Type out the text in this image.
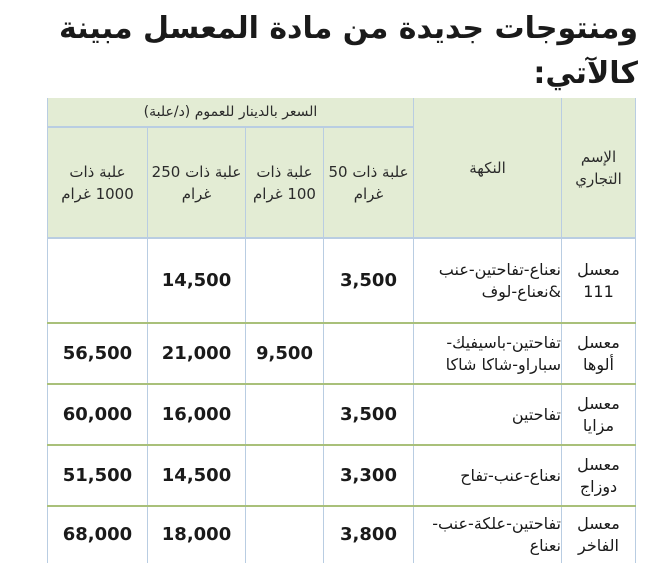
ومنتوجات جديدة من مادة المعسل مبينة كالآتي:
الإسم التجاري	النكهة	السعر بالدينار للعموم (د/علبة)			
		علبة ذات 50 غرام	علبة ذات 100 غرام	علبة ذات 250 غرام	علبة ذات 1000 غرام
معسل 111	نعناع-تفاحتين-عنب &نعناع-لوف	3,500		14,500	
معسل ألوها	تفاحتين-باسيفيك-سباراو-شاكا شاكا		9,500	21,000	56,500
معسل مزايا	تفاحتين	3,500		16,000	60,000
معسل دوزاج	نعناع-عنب-تفاح	3,300		14,500	51,500
معسل الفاخر	تفاحتين-علكة-عنب-نعناع	3,800		18,000	68,000
